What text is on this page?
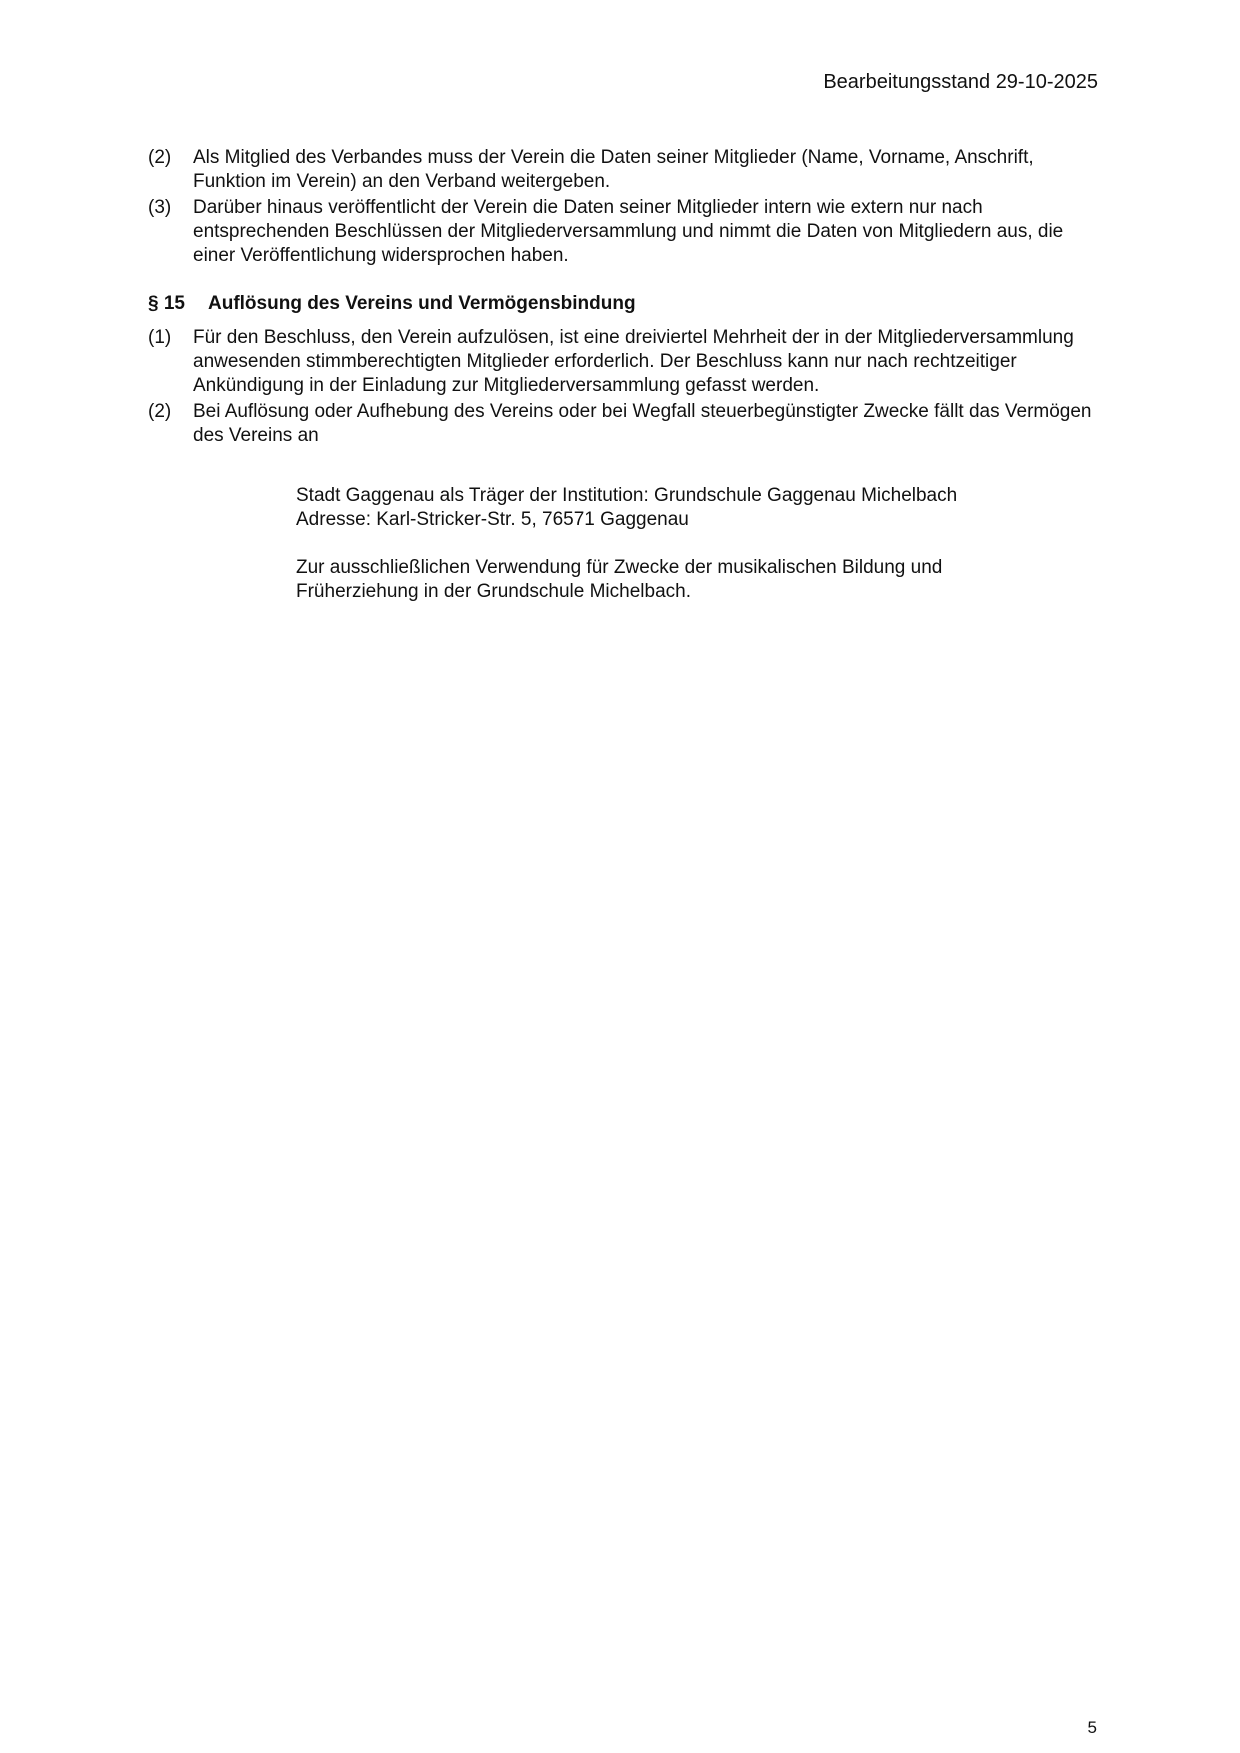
Bearbeitungsstand 29-10-2025
(2)	Als Mitglied des Verbandes muss der Verein die Daten seiner Mitglieder (Name, Vorname, Anschrift, Funktion im Verein) an den Verband weitergeben.

(3)	Darüber hinaus veröffentlicht der Verein die Daten seiner Mitglieder intern wie extern nur nach entsprechenden Beschlüssen der Mitgliederversammlung und nimmt die Daten von Mitgliedern aus, die einer Veröffentlichung widersprochen haben.

§ 15	Auflösung des Vereins und Vermögensbindung
(1)	Für den Beschluss, den Verein aufzulösen, ist eine dreiviertel Mehrheit der in der Mitgliederversammlung anwesenden stimmberechtigten Mitglieder erforderlich. Der Beschluss kann nur nach rechtzeitiger Ankündigung in der Einladung zur Mitgliederversammlung gefasst werden.

(2)	Bei Auflösung oder Aufhebung des Vereins oder bei Wegfall steuerbegünstigter Zwecke fällt das Vermögen des Vereins an

Stadt Gaggenau als Träger der Institution: Grundschule Gaggenau Michelbach

Adresse: Karl-Stricker-Str. 5, 76571 Gaggenau

Zur ausschließlichen Verwendung für Zwecke der musikalischen Bildung und Früherziehung in der Grundschule Michelbach.

5
